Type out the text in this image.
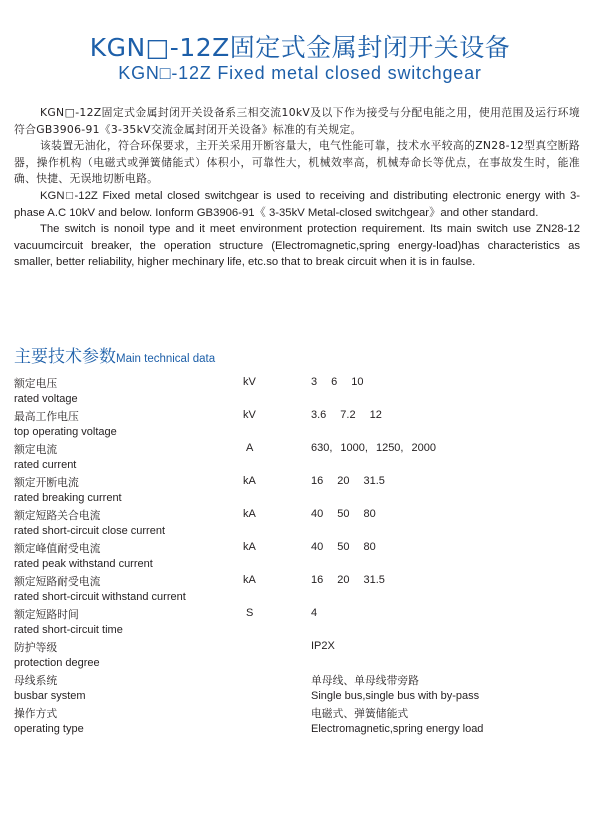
KGN□-12Z固定式金属封闭开关设备
KGN□-12Z Fixed metal closed switchgear

KGN□-12Z固定式金属封闭开关设备系三相交流10kV及以下作为接受与分配电能之用，使用范围及运行环境符合GB3906-91《3-35kV交流金属封闭开关设备》标准的有关规定。

该装置无油化，符合环保要求，主开关采用开断容量大，电气性能可靠，技术水平较高的ZN28-12型真空断路器，操作机构（电磁式或弹簧储能式）体积小，可靠性大，机械效率高，机械寿命长等优点，在事故发生时，能准确、快捷、无误地切断电路。

KGN□-12Z Fixed metal closed switchgear is used to receiving and distributing electronic energy with 3-phase A.C 10kV and below. Ionform GB3906-91《 3-35kV Metal-closed switchgear》and other standard.

The switch is nonoil type and it meet environment protection requirement. Its main switch use ZN28-12 vacuumcircuit breaker, the operation structure (Electromagnetic,spring energy-load)has characteristics as smaller, better reliability, higher mechinary life, etc.so that to break circuit when it is in faulse.

主要技术参数Main technical data
额定电压
rated voltage
kV	3 6 10
最高工作电压
top operating voltage
kV	3.6 7.2 12
额定电流
rated current
A	630, 1000, 1250, 2000
额定开断电流
rated breaking current
kA	16 20 31.5
额定短路关合电流
rated short-circuit close current
kA	40 50 80
额定峰值耐受电流
rated peak withstand current
kA	40 50 80
额定短路耐受电流
rated short-circuit withstand current
kA	16 20 31.5
额定短路时间
rated short-circuit time
S	4
防护等级
protection degree
IP2X
母线系统
busbar system
单母线、单母线带旁路
Single bus,single bus with by-pass
操作方式
operating type
电磁式、弹簧储能式
Electromagnetic,spring energy load
